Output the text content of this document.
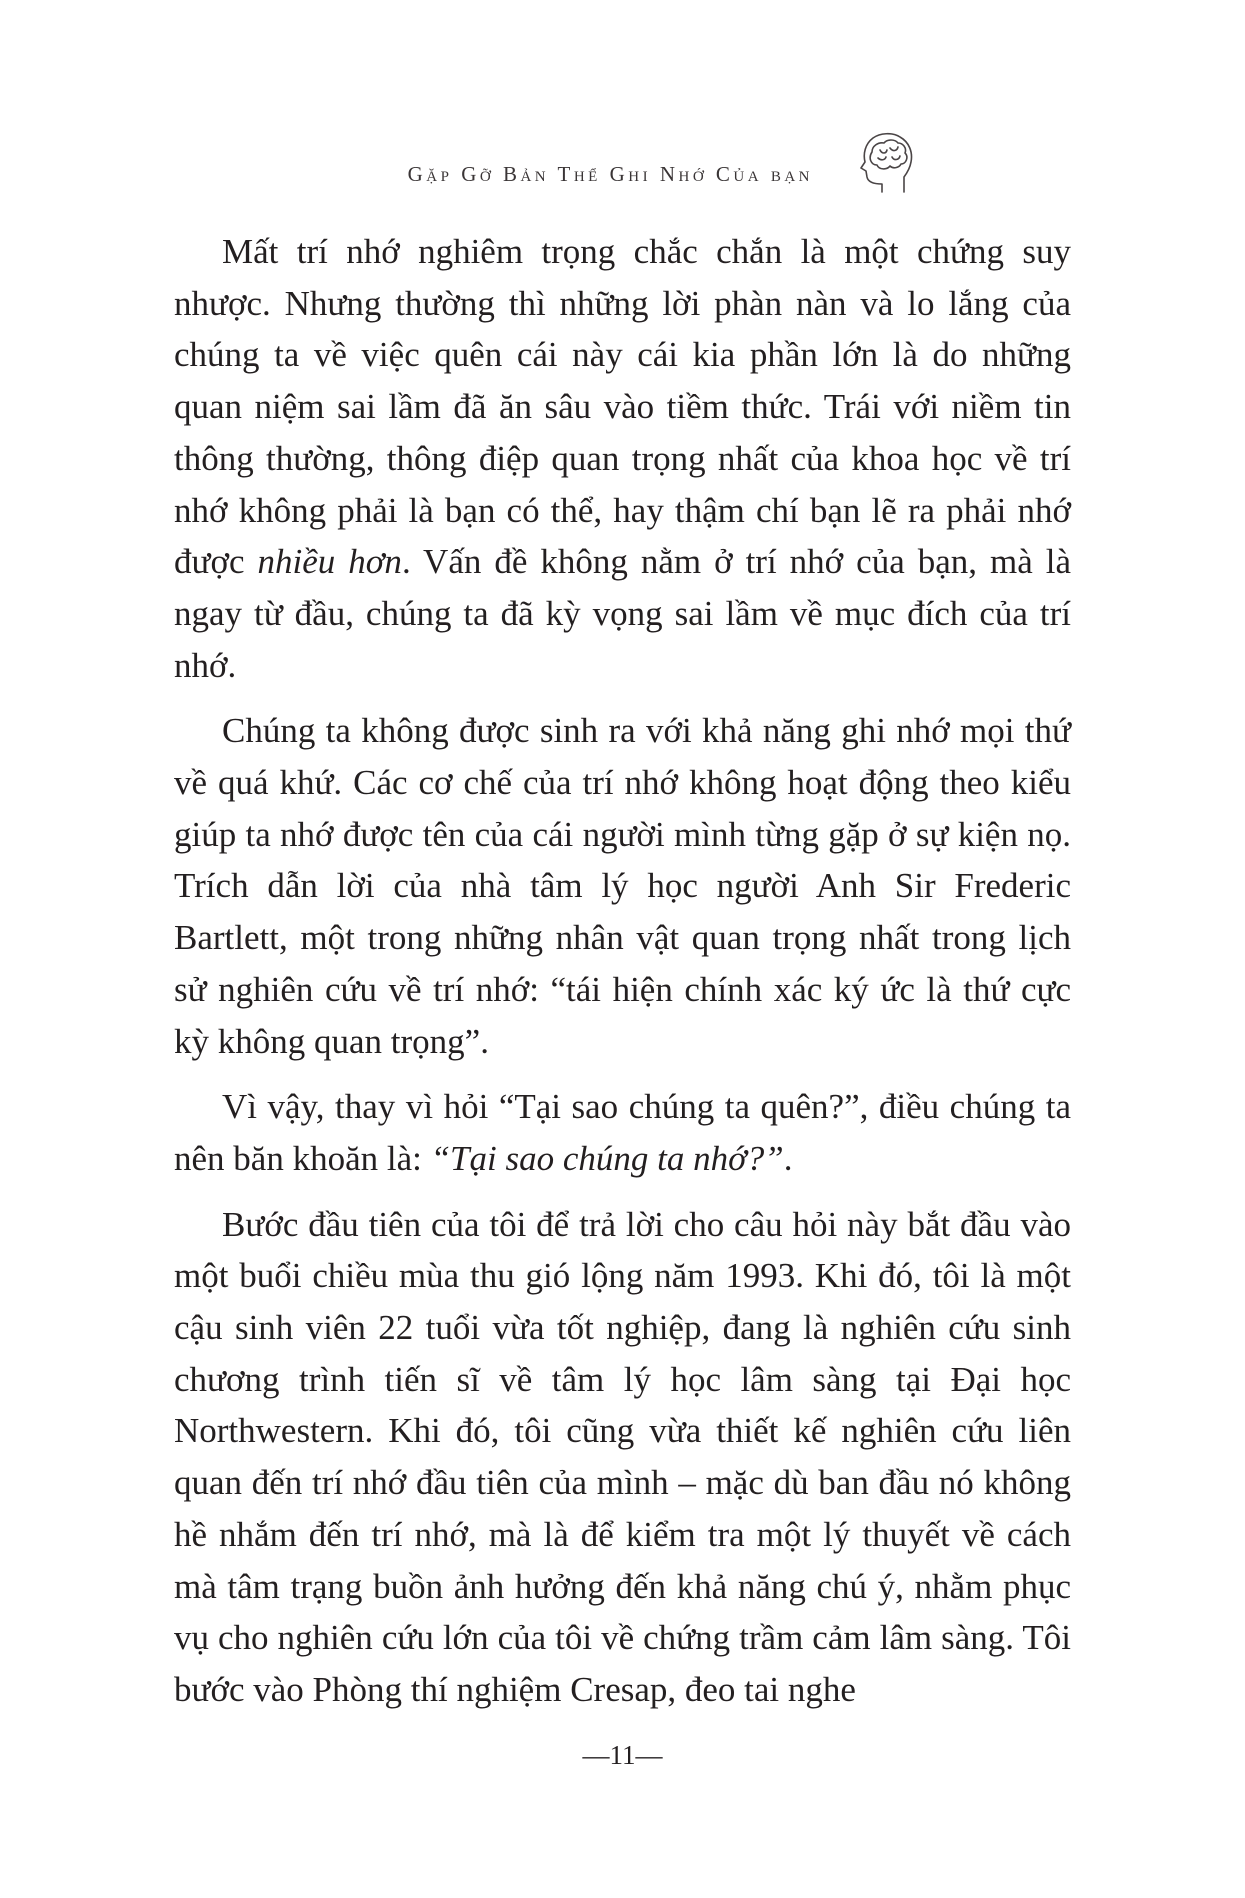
Gặp Gỡ Bản Thể Ghi Nhớ Của bạn

Mất trí nhớ nghiêm trọng chắc chắn là một chứng suy nhược. Nhưng thường thì những lời phàn nàn và lo lắng của chúng ta về việc quên cái này cái kia phần lớn là do những quan niệm sai lầm đã ăn sâu vào tiềm thức. Trái với niềm tin thông thường, thông điệp quan trọng nhất của khoa học về trí nhớ không phải là bạn có thể, hay thậm chí bạn lẽ ra phải nhớ được nhiều hơn. Vấn đề không nằm ở trí nhớ của bạn, mà là ngay từ đầu, chúng ta đã kỳ vọng sai lầm về mục đích của trí nhớ.

Chúng ta không được sinh ra với khả năng ghi nhớ mọi thứ về quá khứ. Các cơ chế của trí nhớ không hoạt động theo kiểu giúp ta nhớ được tên của cái người mình từng gặp ở sự kiện nọ. Trích dẫn lời của nhà tâm lý học người Anh Sir Frederic Bartlett, một trong những nhân vật quan trọng nhất trong lịch sử nghiên cứu về trí nhớ: “tái hiện chính xác ký ức là thứ cực kỳ không quan trọng”.

Vì vậy, thay vì hỏi “Tại sao chúng ta quên?”, điều chúng ta nên băn khoăn là: “Tại sao chúng ta nhớ?”.

Bước đầu tiên của tôi để trả lời cho câu hỏi này bắt đầu vào một buổi chiều mùa thu gió lộng năm 1993. Khi đó, tôi là một cậu sinh viên 22 tuổi vừa tốt nghiệp, đang là nghiên cứu sinh chương trình tiến sĩ về tâm lý học lâm sàng tại Đại học Northwestern. Khi đó, tôi cũng vừa thiết kế nghiên cứu liên quan đến trí nhớ đầu tiên của mình – mặc dù ban đầu nó không hề nhắm đến trí nhớ, mà là để kiểm tra một lý thuyết về cách mà tâm trạng buồn ảnh hưởng đến khả năng chú ý, nhằm phục vụ cho nghiên cứu lớn của tôi về chứng trầm cảm lâm sàng. Tôi bước vào Phòng thí nghiệm Cresap, đeo tai nghe

—11—
